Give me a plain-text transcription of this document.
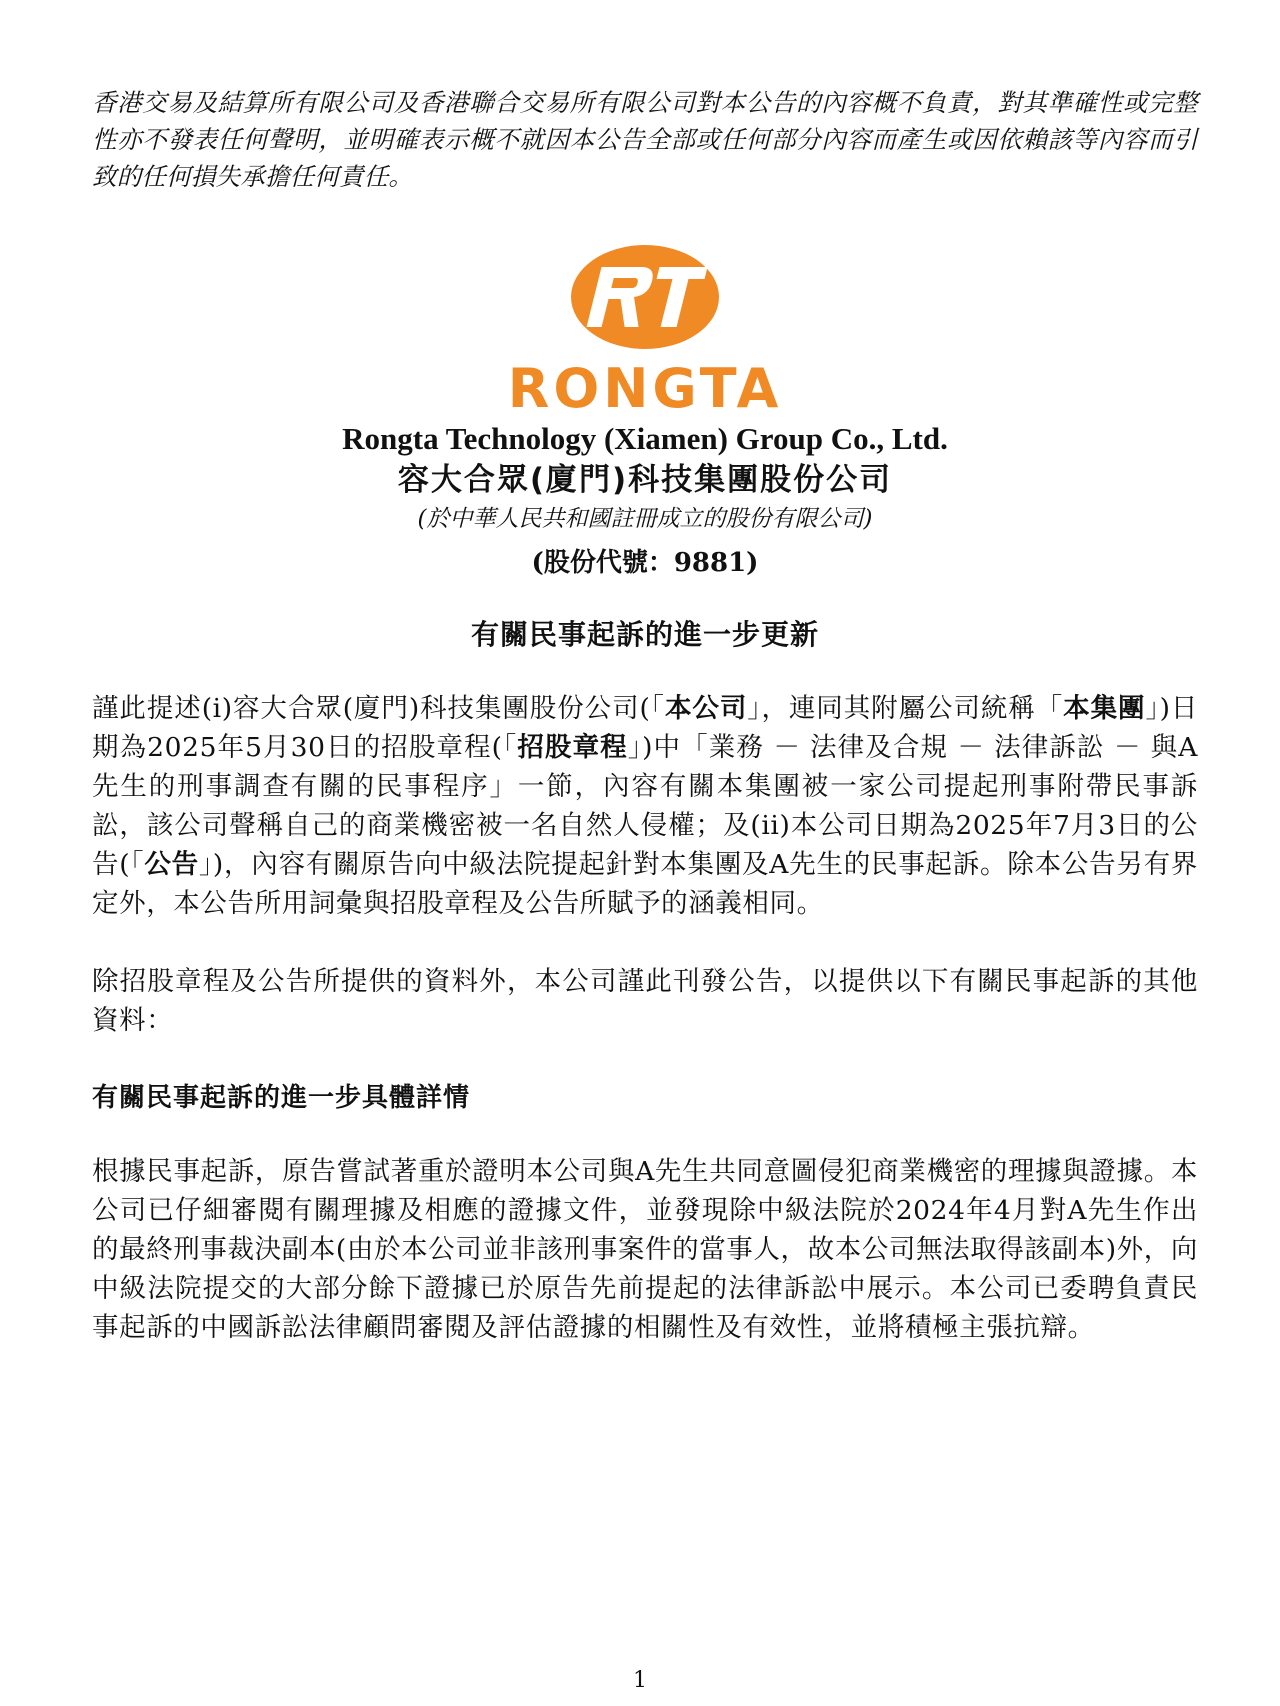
香港交易及結算所有限公司及香港聯合交易所有限公司對本公告的內容概不負責，對其準確性或完整性亦不發表任何聲明，並明確表示概不就因本公告全部或任何部分內容而產生或因依賴該等內容而引致的任何損失承擔任何責任。

RONGTA
Rongta Technology (Xiamen) Group Co., Ltd.
容大合眾(廈門)科技集團股份公司
(於中華人民共和國註冊成立的股份有限公司)
(股份代號：9881)
有關民事起訴的進一步更新

謹此提述(i)容大合眾(廈門)科技集團股份公司(「本公司」，連同其附屬公司統稱「本集團」)日期為2025年5月30日的招股章程(「招股章程」)中「業務 － 法律及合規 － 法律訴訟 － 與A先生的刑事調查有關的民事程序」一節，內容有關本集團被一家公司提起刑事附帶民事訴訟，該公司聲稱自己的商業機密被一名自然人侵權；及(ii)本公司日期為2025年7月3日的公告(「公告」)，內容有關原告向中級法院提起針對本集團及A先生的民事起訴。除本公告另有界定外，本公告所用詞彙與招股章程及公告所賦予的涵義相同。

除招股章程及公告所提供的資料外，本公司謹此刊發公告，以提供以下有關民事起訴的其他資料：

有關民事起訴的進一步具體詳情

根據民事起訴，原告嘗試著重於證明本公司與A先生共同意圖侵犯商業機密的理據與證據。本公司已仔細審閱有關理據及相應的證據文件，並發現除中級法院於2024年4月對A先生作出的最終刑事裁決副本(由於本公司並非該刑事案件的當事人，故本公司無法取得該副本)外，向中級法院提交的大部分餘下證據已於原告先前提起的法律訴訟中展示。本公司已委聘負責民事起訴的中國訴訟法律顧問審閱及評估證據的相關性及有效性，並將積極主張抗辯。

1
